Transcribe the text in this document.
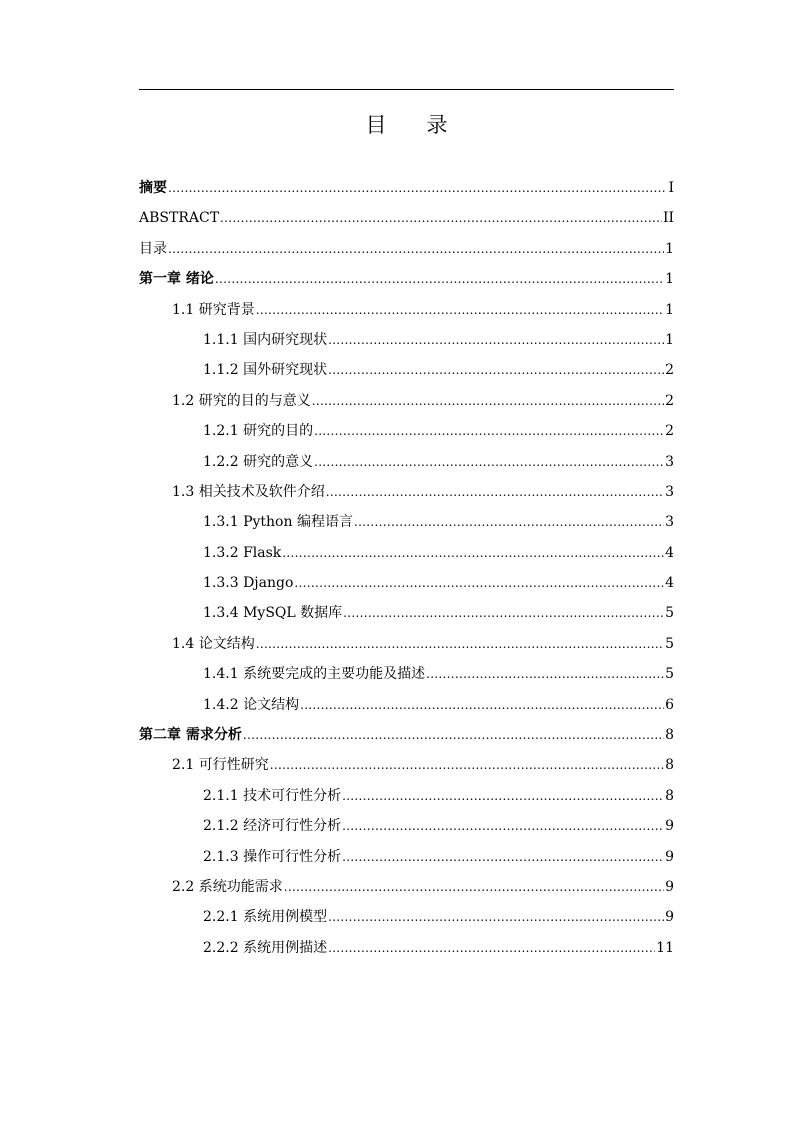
目 录
摘要 .....	I
ABSTRACT .....	II
目录 .....	1
第一章 绪论 .....	1
1.1 研究背景 .....	1
1.1.1 国内研究现状 .....	1
1.1.2 国外研究现状 .....	2
1.2 研究的目的与意义 .....	2
1.2.1 研究的目的 .....	2
1.2.2 研究的意义 .....	3
1.3 相关技术及软件介绍 .....	3
1.3.1 Python 编程语言 .....	3
1.3.2 Flask .....	4
1.3.3 Django .....	4
1.3.4 MySQL 数据库 .....	5
1.4 论文结构 .....	5
1.4.1 系统要完成的主要功能及描述 .....	5
1.4.2 论文结构 .....	6
第二章 需求分析 .....	8
2.1 可行性研究 .....	8
2.1.1 技术可行性分析 .....	8
2.1.2 经济可行性分析 .....	9
2.1.3 操作可行性分析 .....	9
2.2 系统功能需求 .....	9
2.2.1 系统用例模型 .....	9
2.2.2 系统用例描述 .....	11
